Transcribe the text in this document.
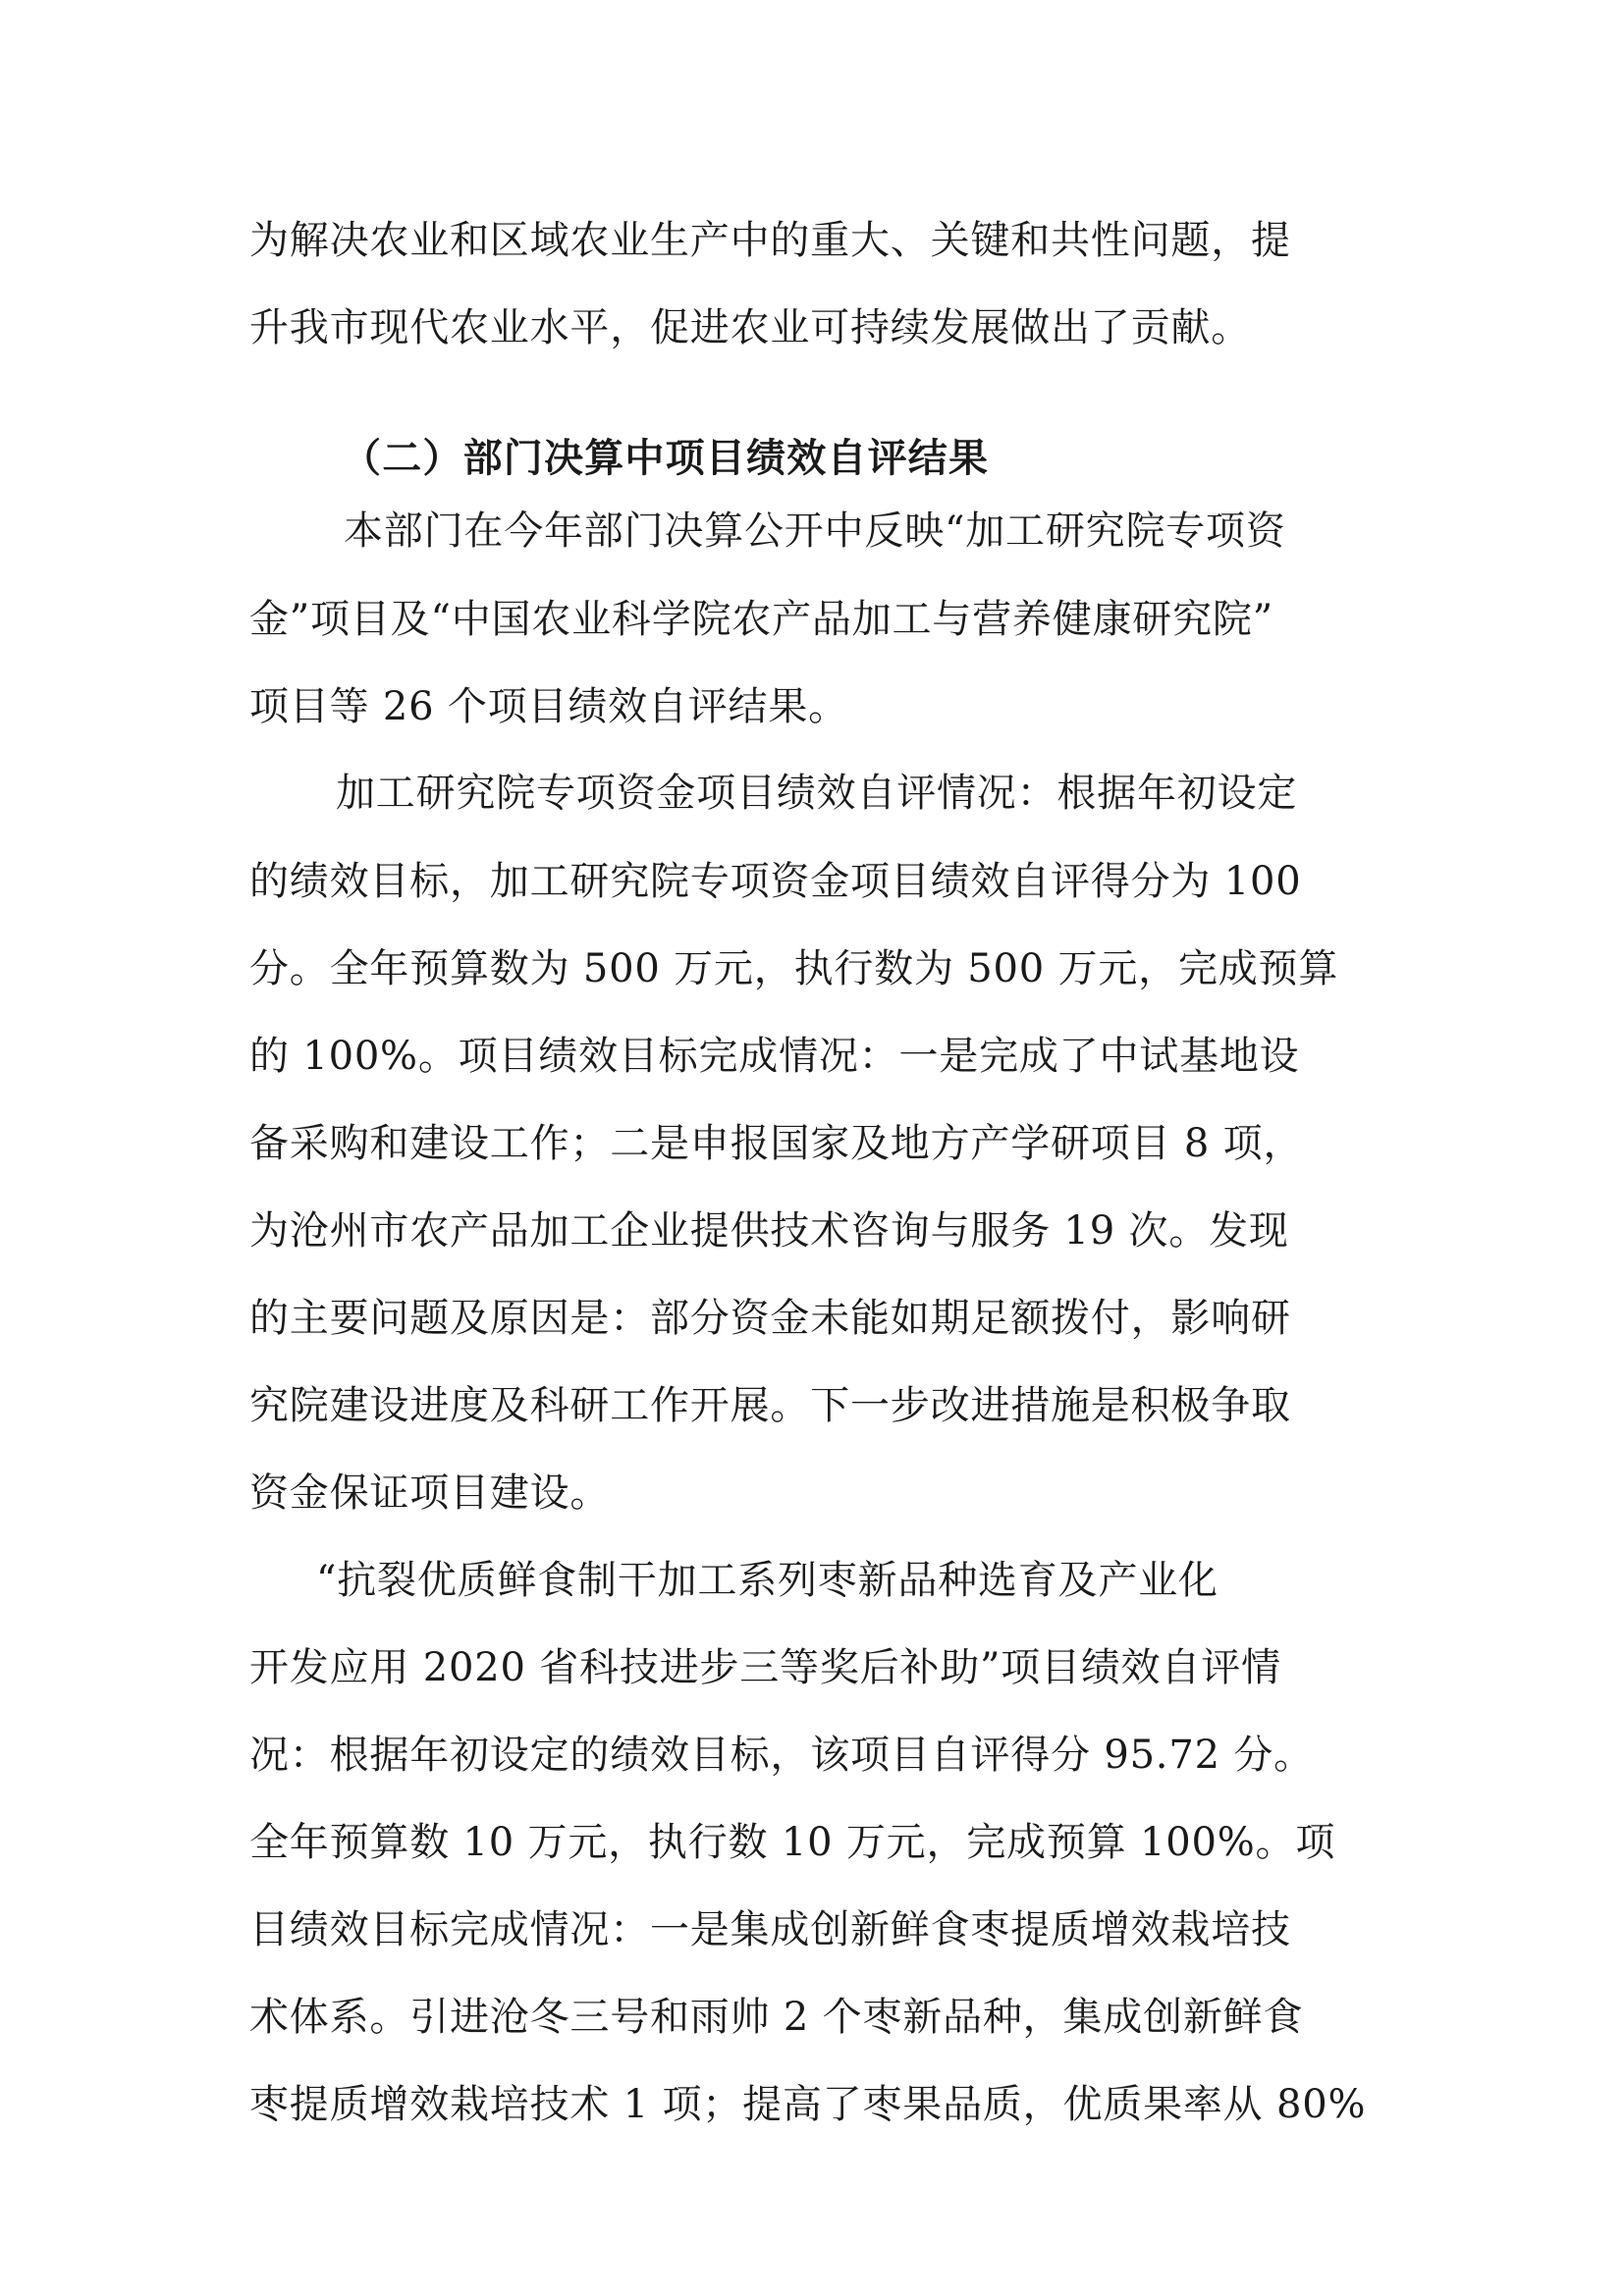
为解决农业和区域农业生产中的重大、关键和共性问题，提
升我市现代农业水平，促进农业可持续发展做出了贡献。
（二）部门决算中项目绩效自评结果
本部门在今年部门决算公开中反映“加工研究院专项资
金”项目及“中国农业科学院农产品加工与营养健康研究院”
项目等 26 个项目绩效自评结果。
加工研究院专项资金项目绩效自评情况：根据年初设定
的绩效目标，加工研究院专项资金项目绩效自评得分为 100
分。全年预算数为 500 万元，执行数为 500 万元，完成预算
的 100%。项目绩效目标完成情况：一是完成了中试基地设
备采购和建设工作；二是申报国家及地方产学研项目 8 项，
为沧州市农产品加工企业提供技术咨询与服务 19 次。发现
的主要问题及原因是：部分资金未能如期足额拨付，影响研
究院建设进度及科研工作开展。下一步改进措施是积极争取
资金保证项目建设。
“抗裂优质鲜食制干加工系列枣新品种选育及产业化
开发应用 2020 省科技进步三等奖后补助”项目绩效自评情
况：根据年初设定的绩效目标，该项目自评得分 95.72 分。
全年预算数 10 万元，执行数 10 万元，完成预算 100%。项
目绩效目标完成情况：一是集成创新鲜食枣提质增效栽培技
术体系。引进沧冬三号和雨帅 2 个枣新品种，集成创新鲜食
枣提质增效栽培技术 1 项；提高了枣果品质，优质果率从 80%
